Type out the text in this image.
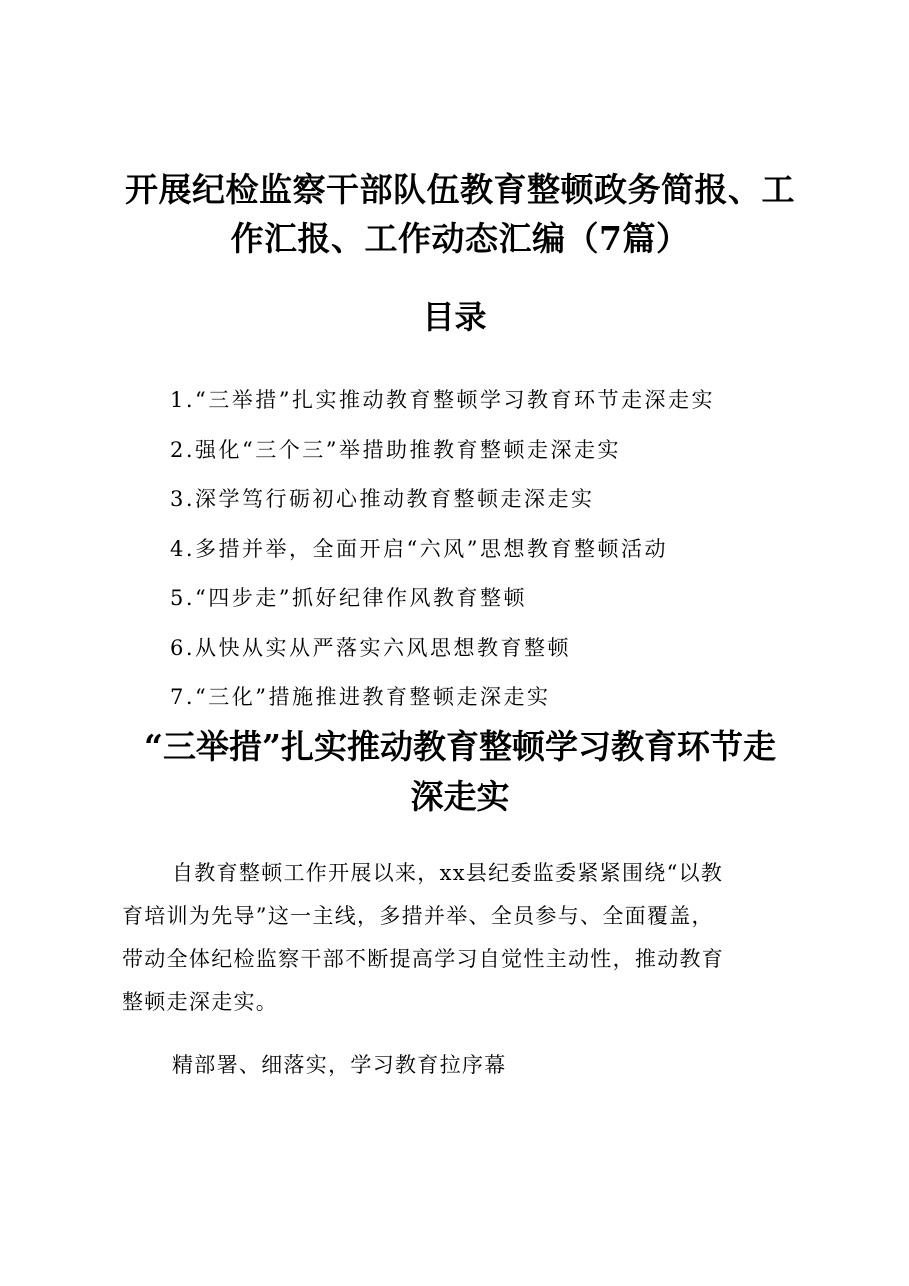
开展纪检监察干部队伍教育整顿政务简报、工
作汇报、工作动态汇编（7篇）
目录
1.“三举措”扎实推动教育整顿学习教育环节走深走实
2.强化“三个三”举措助推教育整顿走深走实
3.深学笃行砺初心推动教育整顿走深走实
4.多措并举，全面开启“六风”思想教育整顿活动
5.“四步走”抓好纪律作风教育整顿
6.从快从实从严落实六风思想教育整顿
7.“三化”措施推进教育整顿走深走实
“三举措”扎实推动教育整顿学习教育环节走
深走实

自教育整顿工作开展以来，xx县纪委监委紧紧围绕“以教
育培训为先导”这一主线，多措并举、全员参与、全面覆盖，
带动全体纪检监察干部不断提高学习自觉性主动性，推动教育
整顿走深走实。

精部署、细落实，学习教育拉序幕
